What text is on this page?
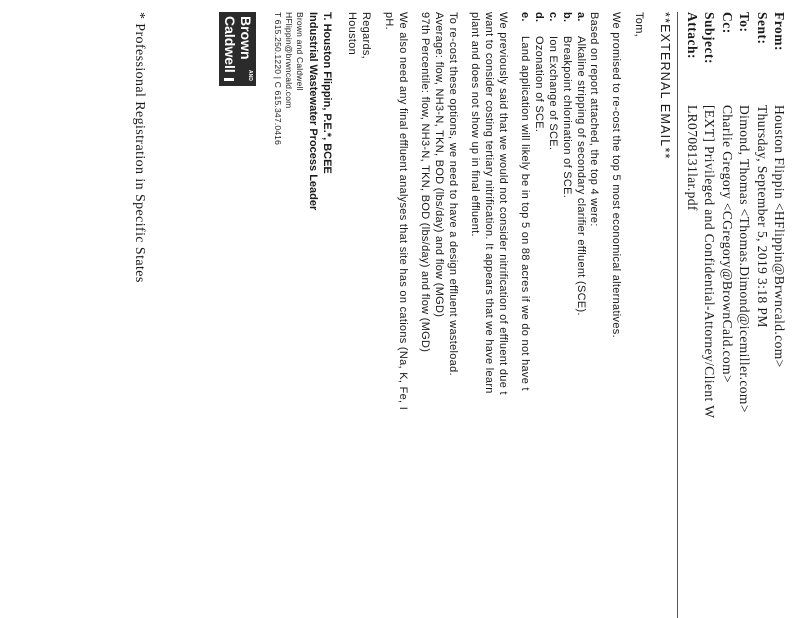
From:
Houston Flippin <HFlippin@Brwncald.com>
Sent:
Thursday, September 5, 2019 3:18 PM
To:
Dimond, Thomas <Thomas.Dimond@icemiller.com>
Cc:
Charlie Gregory <CGregory@BrownCald.com>
Subject:
[EXT] Privileged and Confidential-Attorney/Client W
Attach:
LR0708131lar.pdf
**EXTERNAL EMAIL**
Tom,
We promised to re-cost the top 5 most economical alternatives.
Based on report attached, the top 4 were:
a.
Alkaline stripping of secondary clarifier effluent (SCE).
b.
Breakpoint chlorination of SCE.
c.
Ion Exchange of SCE.
d.
Ozonation of SCE.
e.
Land application will likely be in top 5 on 88 acres if we do not have t
We previously said that we would not consider nitrification of effluent due t
want to consider costing tertiary nitrification. It appears that we have learn
plant and does not show up in final effluent.
To re-cost these options, we need to have a design effluent wasteload.
Average: flow, NH3-N, TKN, BOD (lbs/day) and flow (MGD)
97th Percentile: flow, NH3-N, TKN, BOD (lbs/day) and flow (MGD)
We also need any final effluent analyses that site has on cations (Na, K, Fe, I
pH.
Regards,
Houston
T. Houston Flippin, P.E.*, BCEE
Industrial Wastewater Process Leader
Brown and Caldwell
HFlippin@brwncald.com
T 615.250.1220 | C 615.347.0416
Brown
AND
Caldwell
* Professional Registration in Specific States
